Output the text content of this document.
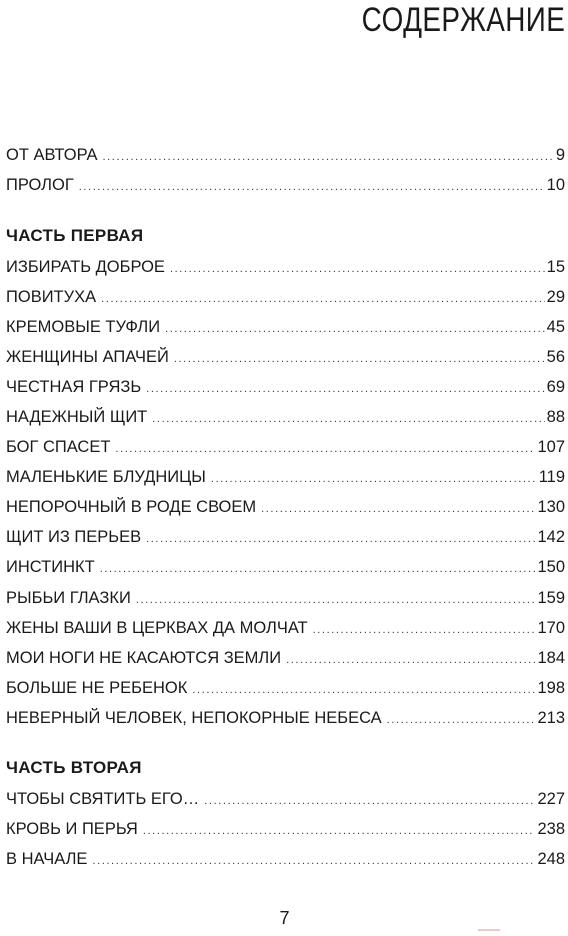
СОДЕРЖАНИЕ
ОТ АВТОРА .....	9
ПРОЛОГ .....	10
ЧАСТЬ ПЕРВАЯ
ИЗБИРАТЬ ДОБРОЕ .....	15
ПОВИТУХА .....	29
КРЕМОВЫЕ ТУФЛИ .....	45
ЖЕНЩИНЫ АПАЧЕЙ .....	56
ЧЕСТНАЯ ГРЯЗЬ .....	69
НАДЕЖНЫЙ ЩИТ .....	88
БОГ СПАСЕТ .....	107
МАЛЕНЬКИЕ БЛУДНИЦЫ .....	119
НЕПОРОЧНЫЙ В РОДЕ СВОЕМ .....	130
ЩИТ ИЗ ПЕРЬЕВ .....	142
ИНСТИНКТ .....	150
РЫБЬИ ГЛАЗКИ .....	159
ЖЕНЫ ВАШИ В ЦЕРКВАХ ДА МОЛЧАТ .....	170
МОИ НОГИ НЕ КАСАЮТСЯ ЗЕМЛИ .....	184
БОЛЬШЕ НЕ РЕБЕНОК .....	198
НЕВЕРНЫЙ ЧЕЛОВЕК, НЕПОКОРНЫЕ НЕБЕСА .....	213
ЧАСТЬ ВТОРАЯ
ЧТОБЫ СВЯТИТЬ ЕГО… .....	227
КРОВЬ И ПЕРЬЯ .....	238
В НАЧАЛЕ .....	248
7
